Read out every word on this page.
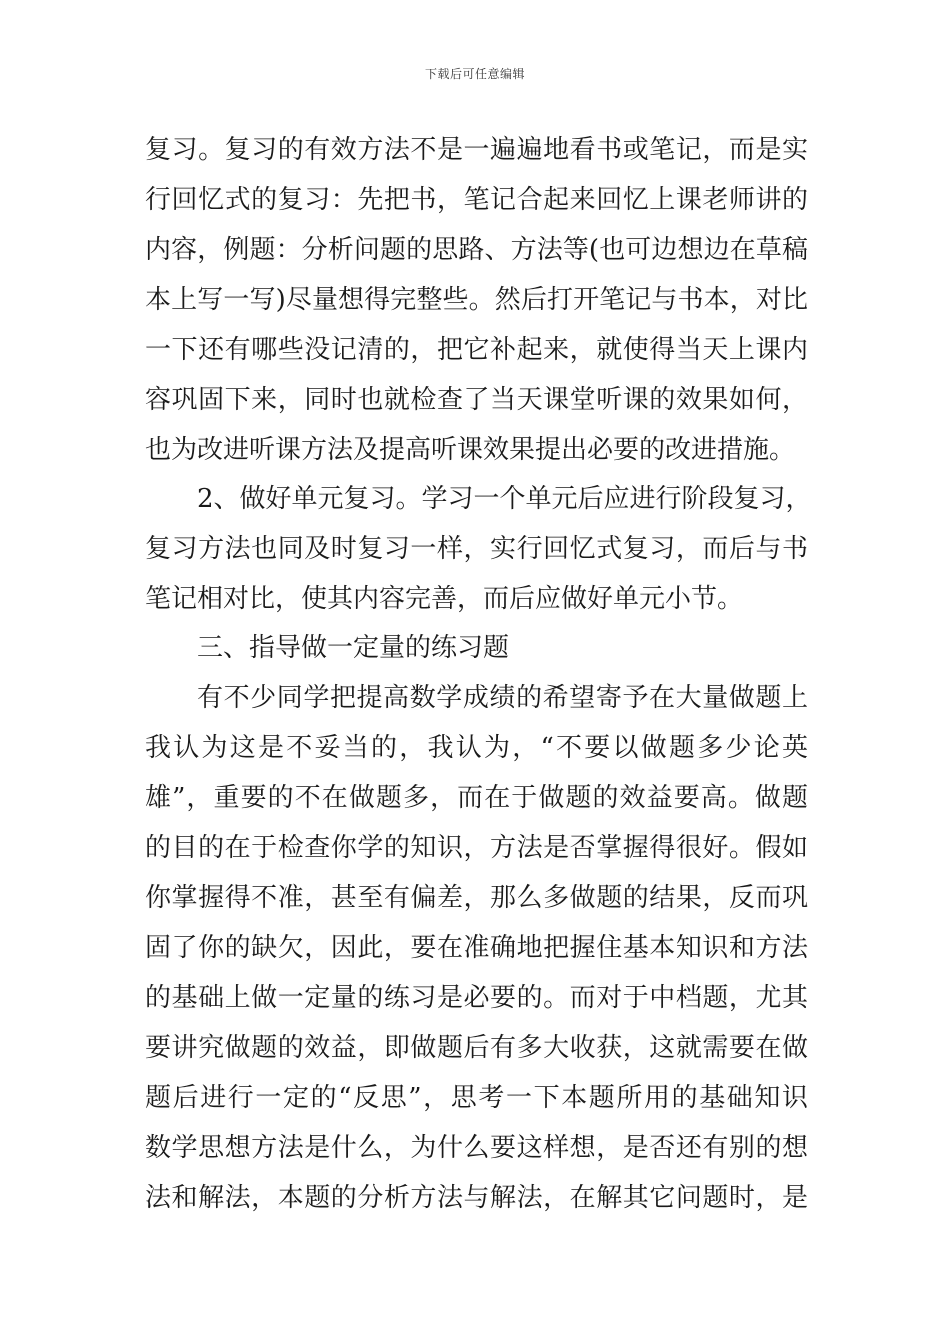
下载后可任意编辑
复习。复习的有效方法不是一遍遍地看书或笔记，而是实
行回忆式的复习：先把书，笔记合起来回忆上课老师讲的
内容，例题：分析问题的思路、方法等(也可边想边在草稿
本上写一写)尽量想得完整些。然后打开笔记与书本，对比
一下还有哪些没记清的，把它补起来，就使得当天上课内
容巩固下来，同时也就检查了当天课堂听课的效果如何，
也为改进听课方法及提高听课效果提出必要的改进措施。
2、做好单元复习。学习一个单元后应进行阶段复习，
复习方法也同及时复习一样，实行回忆式复习，而后与书
笔记相对比，使其内容完善，而后应做好单元小节。
三、指导做一定量的练习题
有不少同学把提高数学成绩的希望寄予在大量做题上
我认为这是不妥当的，我认为，“不要以做题多少论英
雄”，重要的不在做题多，而在于做题的效益要高。做题
的目的在于检查你学的知识，方法是否掌握得很好。假如
你掌握得不准，甚至有偏差，那么多做题的结果，反而巩
固了你的缺欠，因此，要在准确地把握住基本知识和方法
的基础上做一定量的练习是必要的。而对于中档题，尤其
要讲究做题的效益，即做题后有多大收获，这就需要在做
题后进行一定的“反思”，思考一下本题所用的基础知识
数学思想方法是什么，为什么要这样想，是否还有别的想
法和解法，本题的分析方法与解法，在解其它问题时，是
